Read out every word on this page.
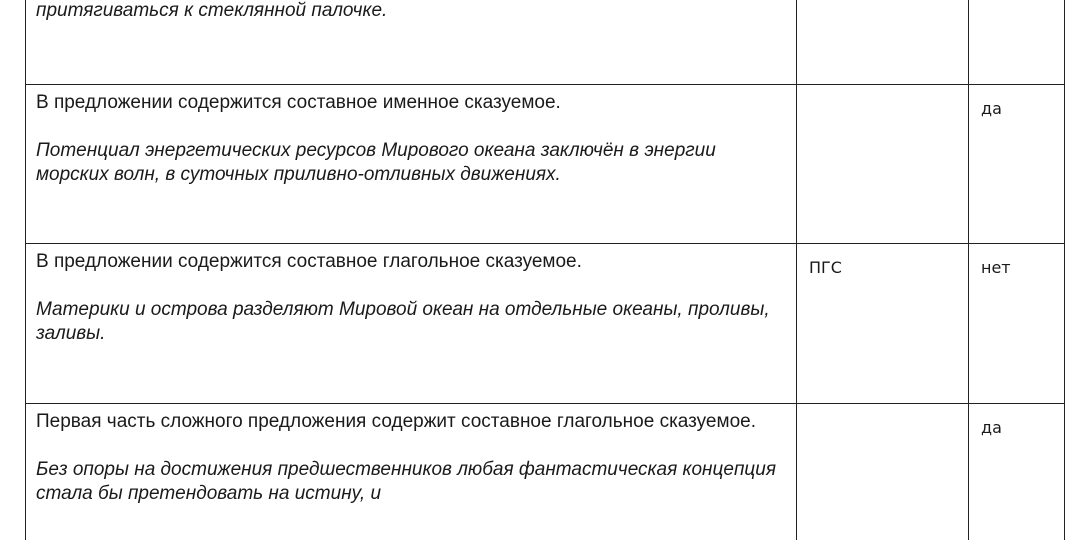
притягиваться к стеклянной палочке.		

В предложении содержится составное именное сказуемое.

Потенциал энергетических ресурсов Мирового океана заключён в энергии морских волн, в суточных приливно-отливных движениях.		да

В предложении содержится составное глагольное сказуемое.

Материки и острова разделяют Мировой океан на отдельные океаны, проливы, заливы.	ПГС	нет

Первая часть сложного предложения содержит составное глагольное сказуемое.

Без опоры на достижения предшественников любая фантастическая концепция стала бы претендовать на истину, и		да
